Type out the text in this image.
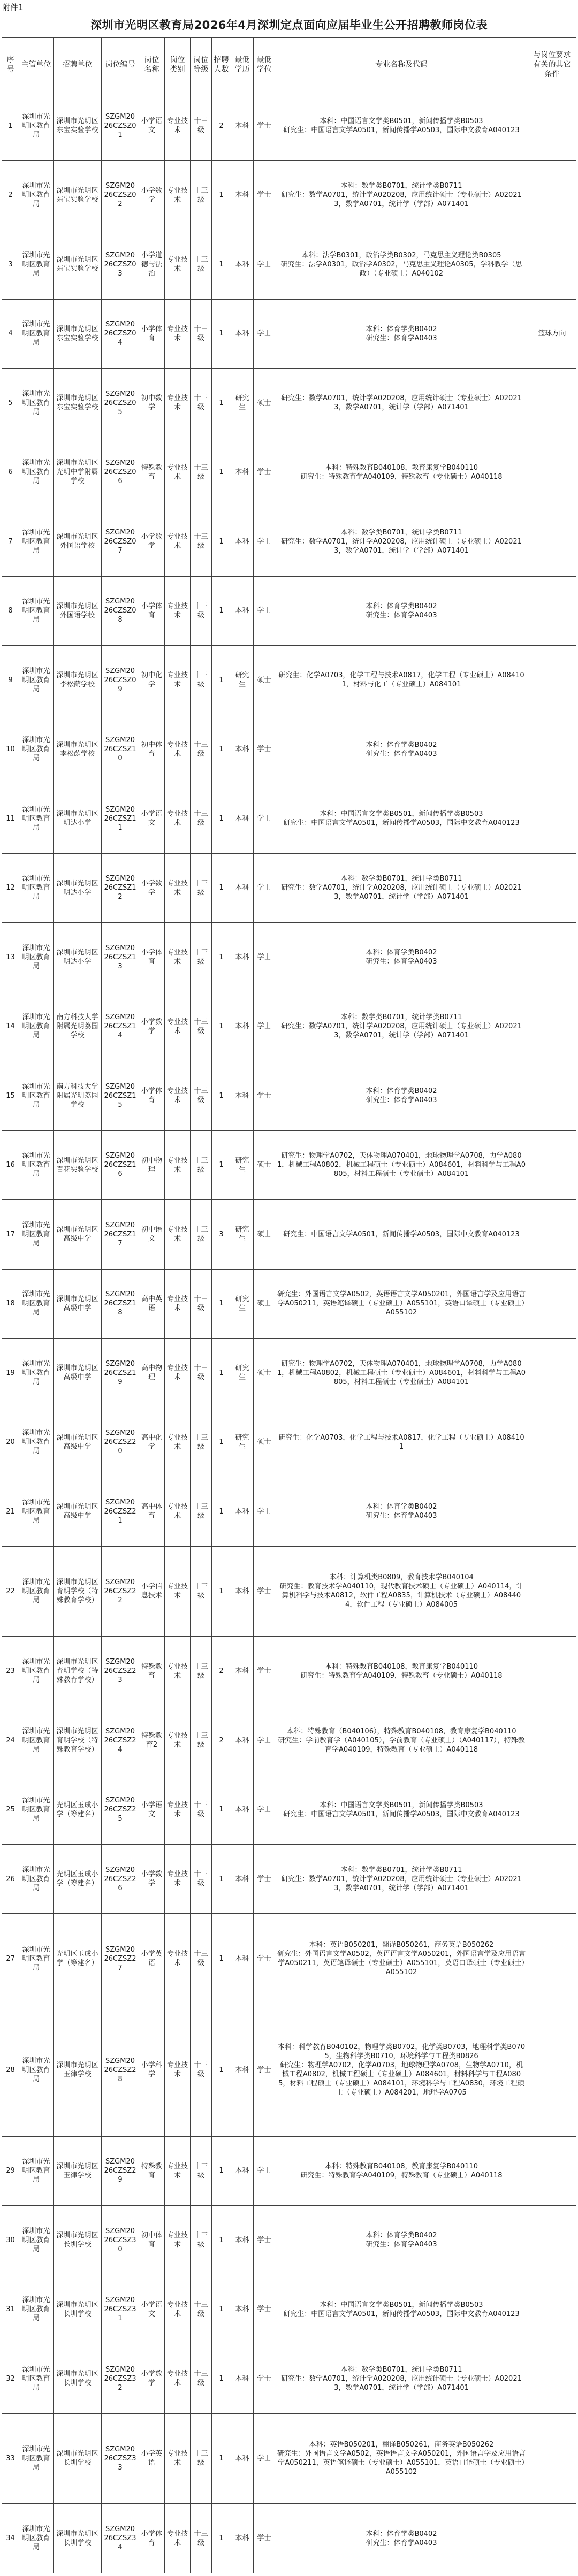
附件1
深圳市光明区教育局2026年4月深圳定点面向应届毕业生公开招聘教师岗位表
序号	主管单位	招聘单位	岗位编号	岗位名称	岗位类别	岗位等级	招聘人数	最低学历	最低学位	专业名称及代码	与岗位要求有关的其它条件
1	深圳市光明区教育局	深圳市光明区东宝实验学校	SZGM2026CZSZ01	小学语文	专业技术	十三级	2	本科	学士	本科：中国语言文学类B0501，新闻传播学类B0503
研究生：中国语言文学A0501，新闻传播学A0503，国际中文教育A040123	
2	深圳市光明区教育局	深圳市光明区东宝实验学校	SZGM2026CZSZ02	小学数学	专业技术	十三级	1	本科	学士	本科：数学类B0701，统计学类B0711
研究生：数学A0701，统计学A020208，应用统计硕士（专业硕士）A020213，数学A0701，统计学（学部）A071401	
3	深圳市光明区教育局	深圳市光明区东宝实验学校	SZGM2026CZSZ03	小学道德与法治	专业技术	十三级	1	本科	学士	本科：法学B0301，政治学类B0302，马克思主义理论类B0305
研究生：法学A0301，政治学A0302，马克思主义理论A0305，学科教学（思政）（专业硕士）A040102	
4	深圳市光明区教育局	深圳市光明区东宝实验学校	SZGM2026CZSZ04	小学体育	专业技术	十三级	1	本科	学士	本科：体育学类B0402
研究生：体育学A0403	篮球方向
5	深圳市光明区教育局	深圳市光明区东宝实验学校	SZGM2026CZSZ05	初中数学	专业技术	十三级	1	研究生	硕士	研究生：数学A0701，统计学A020208，应用统计硕士（专业硕士）A020213，数学A0701，统计学（学部）A071401	
6	深圳市光明区教育局	深圳市光明区光明中学附属学校	SZGM2026CZSZ06	特殊教育	专业技术	十三级	1	本科	学士	本科：特殊教育B040108，教育康复学B040110
研究生：特殊教育学A040109，特殊教育（专业硕士）A040118	
7	深圳市光明区教育局	深圳市光明区外国语学校	SZGM2026CZSZ07	小学数学	专业技术	十三级	1	本科	学士	本科：数学类B0701，统计学类B0711
研究生：数学A0701，统计学A020208，应用统计硕士（专业硕士）A020213，数学A0701，统计学（学部）A071401	
8	深圳市光明区教育局	深圳市光明区外国语学校	SZGM2026CZSZ08	小学体育	专业技术	十三级	1	本科	学士	本科：体育学类B0402
研究生：体育学A0403	
9	深圳市光明区教育局	深圳市光明区李松蓢学校	SZGM2026CZSZ09	初中化学	专业技术	十三级	1	研究生	硕士	研究生：化学A0703，化学工程与技术A0817，化学工程（专业硕士）A084101，材料与化工（专业硕士）A084101	
10	深圳市光明区教育局	深圳市光明区李松蓢学校	SZGM2026CZSZ10	初中体育	专业技术	十三级	1	本科	学士	本科：体育学类B0402
研究生：体育学A0403	
11	深圳市光明区教育局	深圳市光明区明达小学	SZGM2026CZSZ11	小学语文	专业技术	十三级	1	本科	学士	本科：中国语言文学类B0501，新闻传播学类B0503
研究生：中国语言文学A0501，新闻传播学A0503，国际中文教育A040123	
12	深圳市光明区教育局	深圳市光明区明达小学	SZGM2026CZSZ12	小学数学	专业技术	十三级	1	本科	学士	本科：数学类B0701，统计学类B0711
研究生：数学A0701，统计学A020208，应用统计硕士（专业硕士）A020213，数学A0701，统计学（学部）A071401	
13	深圳市光明区教育局	深圳市光明区明达小学	SZGM2026CZSZ13	小学体育	专业技术	十三级	1	本科	学士	本科：体育学类B0402
研究生：体育学A0403	
14	深圳市光明区教育局	南方科技大学附属光明荔园学校	SZGM2026CZSZ14	小学数学	专业技术	十三级	1	本科	学士	本科：数学类B0701，统计学类B0711
研究生：数学A0701，统计学A020208，应用统计硕士（专业硕士）A020213，数学A0701，统计学（学部）A071401	
15	深圳市光明区教育局	南方科技大学附属光明荔园学校	SZGM2026CZSZ15	小学体育	专业技术	十三级	1	本科	学士	本科：体育学类B0402
研究生：体育学A0403	
16	深圳市光明区教育局	深圳市光明区百花实验学校	SZGM2026CZSZ16	初中物理	专业技术	十三级	1	研究生	硕士	研究生：物理学A0702，天体物理A070401，地球物理学A0708，力学A0801，机械工程A0802，机械工程硕士（专业硕士）A084601，材料科学与工程A0805，材料工程硕士（专业硕士）A084101	
17	深圳市光明区教育局	深圳市光明区高级中学	SZGM2026CZSZ17	初中语文	专业技术	十三级	3	研究生	硕士	研究生：中国语言文学A0501，新闻传播学A0503，国际中文教育A040123	
18	深圳市光明区教育局	深圳市光明区高级中学	SZGM2026CZSZ18	高中英语	专业技术	十三级	1	研究生	硕士	研究生：外国语言文学A0502，英语语言文学A050201，外国语言学及应用语言学A050211，英语笔译硕士（专业硕士）A055101，英语口译硕士（专业硕士）A055102	
19	深圳市光明区教育局	深圳市光明区高级中学	SZGM2026CZSZ19	高中物理	专业技术	十三级	1	研究生	硕士	研究生：物理学A0702，天体物理A070401，地球物理学A0708，力学A0801，机械工程A0802，机械工程硕士（专业硕士）A084601，材料科学与工程A0805，材料工程硕士（专业硕士）A084101	
20	深圳市光明区教育局	深圳市光明区高级中学	SZGM2026CZSZ20	高中化学	专业技术	十三级	1	研究生	硕士	研究生：化学A0703，化学工程与技术A0817，化学工程（专业硕士）A084101	
21	深圳市光明区教育局	深圳市光明区高级中学	SZGM2026CZSZ21	高中体育	专业技术	十三级	1	本科	学士	本科：体育学类B0402
研究生：体育学A0403	
22	深圳市光明区教育局	深圳市光明区育明学校（特殊教育学校）	SZGM2026CZSZ22	小学信息技术	专业技术	十三级	1	本科	学士	本科：计算机类B0809，教育技术学B040104
研究生：教育技术学A040110，现代教育技术硕士（专业硕士）A040114，计算机科学与技术A0812，软件工程A0835，计算机技术（专业硕士）A084404，软件工程（专业硕士）A084005	
23	深圳市光明区教育局	深圳市光明区育明学校（特殊教育学校）	SZGM2026CZSZ23	特殊教育	专业技术	十三级	2	本科	学士	本科：特殊教育B040108，教育康复学B040110
研究生：特殊教育学A040109，特殊教育（专业硕士）A040118	
24	深圳市光明区教育局	深圳市光明区育明学校（特殊教育学校）	SZGM2026CZSZ24	特殊教育2	专业技术	十三级	2	本科	学士	本科：特殊教育（B040106），特殊教育B040108，教育康复学B040110
研究生：学前教育学（A040105），学前教育（专业硕士）（A040117），特殊教育学A040109，特殊教育（专业硕士）A040118	
25	深圳市光明区教育局	光明区玉成小学（筹建名）	SZGM2026CZSZ25	小学语文	专业技术	十三级	1	本科	学士	本科：中国语言文学类B0501，新闻传播学类B0503
研究生：中国语言文学A0501，新闻传播学A0503，国际中文教育A040123	
26	深圳市光明区教育局	光明区玉成小学（筹建名）	SZGM2026CZSZ26	小学数学	专业技术	十三级	1	本科	学士	本科：数学类B0701，统计学类B0711
研究生：数学A0701，统计学A020208，应用统计硕士（专业硕士）A020213，数学A0701，统计学（学部）A071401	
27	深圳市光明区教育局	光明区玉成小学（筹建名）	SZGM2026CZSZ27	小学英语	专业技术	十三级	1	本科	学士	本科：英语B050201，翻译B050261，商务英语B050262
研究生：外国语言文学A0502，英语语言文学A050201，外国语言学及应用语言学A050211，英语笔译硕士（专业硕士）A055101，英语口译硕士（专业硕士）A055102	
28	深圳市光明区教育局	深圳市光明区玉律学校	SZGM2026CZSZ28	小学科学	专业技术	十三级	1	本科	学士	本科：科学教育B040102，物理学类B0702，化学类B0703，地理科学类B0705，生物科学类B0710，环境科学与工程类B0826
研究生：物理学A0702，化学A0703，地球物理学A0708，生物学A0710，机械工程A0802，机械工程硕士（专业硕士）A084601，材料科学与工程A0805，材料工程硕士（专业硕士）A084101，环境科学与工程A0830，环境工程硕士（专业硕士）A084201，地理学A0705	
29	深圳市光明区教育局	深圳市光明区玉律学校	SZGM2026CZSZ29	特殊教育	专业技术	十三级	1	本科	学士	本科：特殊教育B040108，教育康复学B040110
研究生：特殊教育学A040109，特殊教育（专业硕士）A040118	
30	深圳市光明区教育局	深圳市光明区长圳学校	SZGM2026CZSZ30	初中体育	专业技术	十三级	1	本科	学士	本科：体育学类B0402
研究生：体育学A0403	
31	深圳市光明区教育局	深圳市光明区长圳学校	SZGM2026CZSZ31	小学语文	专业技术	十三级	1	本科	学士	本科：中国语言文学类B0501，新闻传播学类B0503
研究生：中国语言文学A0501，新闻传播学A0503，国际中文教育A040123	
32	深圳市光明区教育局	深圳市光明区长圳学校	SZGM2026CZSZ32	小学数学	专业技术	十三级	1	本科	学士	本科：数学类B0701，统计学类B0711
研究生：数学A0701，统计学A020208，应用统计硕士（专业硕士）A020213，数学A0701，统计学（学部）A071401	
33	深圳市光明区教育局	深圳市光明区长圳学校	SZGM2026CZSZ33	小学英语	专业技术	十三级	1	本科	学士	本科：英语B050201，翻译B050261，商务英语B050262
研究生：外国语言文学A0502，英语语言文学A050201，外国语言学及应用语言学A050211，英语笔译硕士（专业硕士）A055101，英语口译硕士（专业硕士）A055102	
34	深圳市光明区教育局	深圳市光明区长圳学校	SZGM2026CZSZ34	小学体育	专业技术	十三级	1	本科	学士	本科：体育学类B0402
研究生：体育学A0403	
